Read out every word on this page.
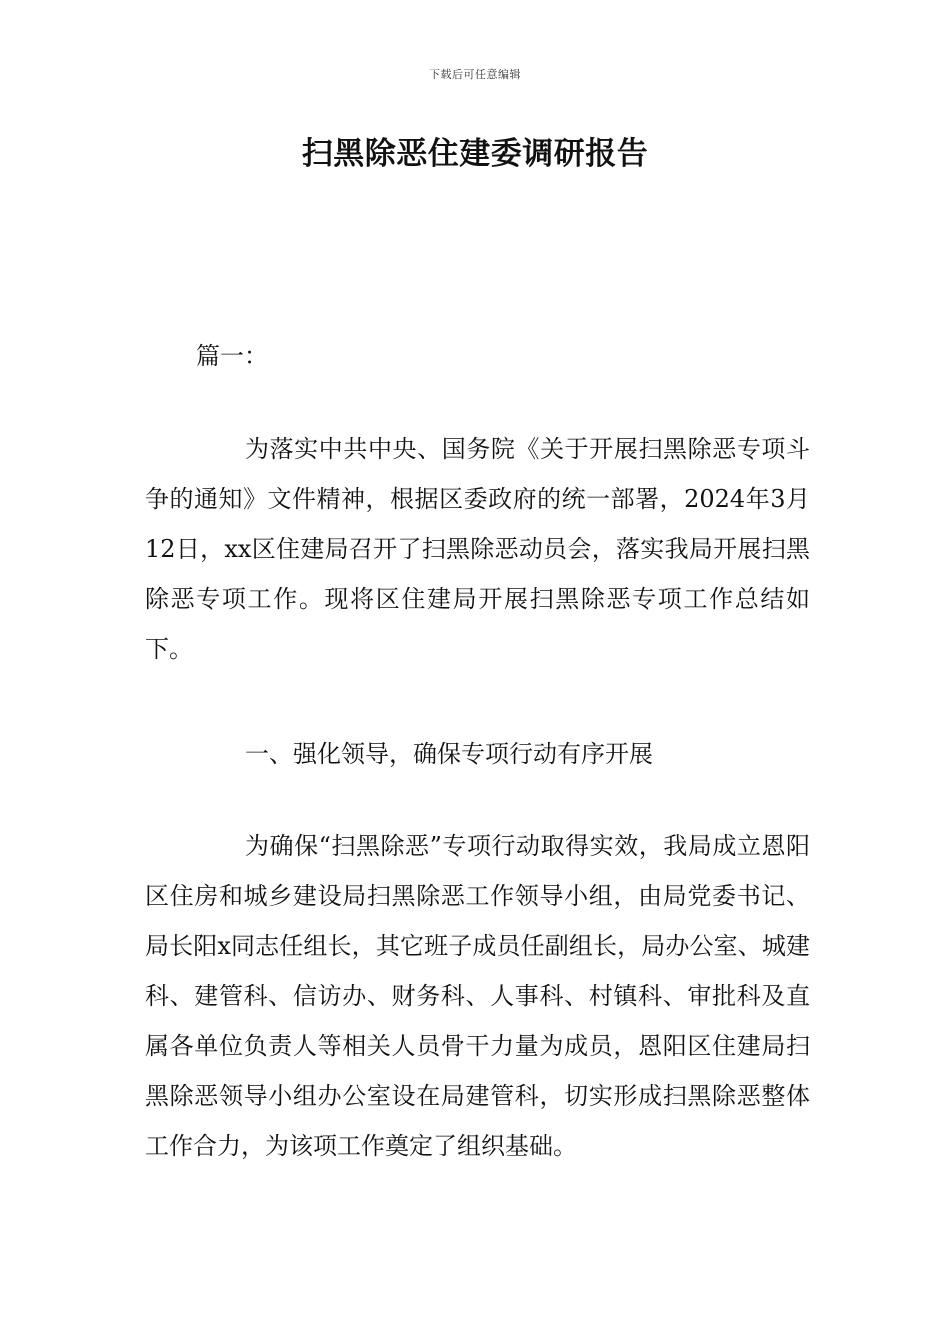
下载后可任意编辑
扫黑除恶住建委调研报告
篇一：

为落实中共中央、国务院《关于开展扫黑除恶专项斗争的通知》文件精神，根据区委政府的统一部署，2024年3月12日，xx区住建局召开了扫黑除恶动员会，落实我局开展扫黑除恶专项工作。现将区住建局开展扫黑除恶专项工作总结如下。

一、强化领导，确保专项行动有序开展

为确保“扫黑除恶”专项行动取得实效，我局成立恩阳区住房和城乡建设局扫黑除恶工作领导小组，由局党委书记、局长阳x同志任组长，其它班子成员任副组长，局办公室、城建科、建管科、信访办、财务科、人事科、村镇科、审批科及直属各单位负责人等相关人员骨干力量为成员，恩阳区住建局扫黑除恶领导小组办公室设在局建管科，切实形成扫黑除恶整体工作合力，为该项工作奠定了组织基础。
